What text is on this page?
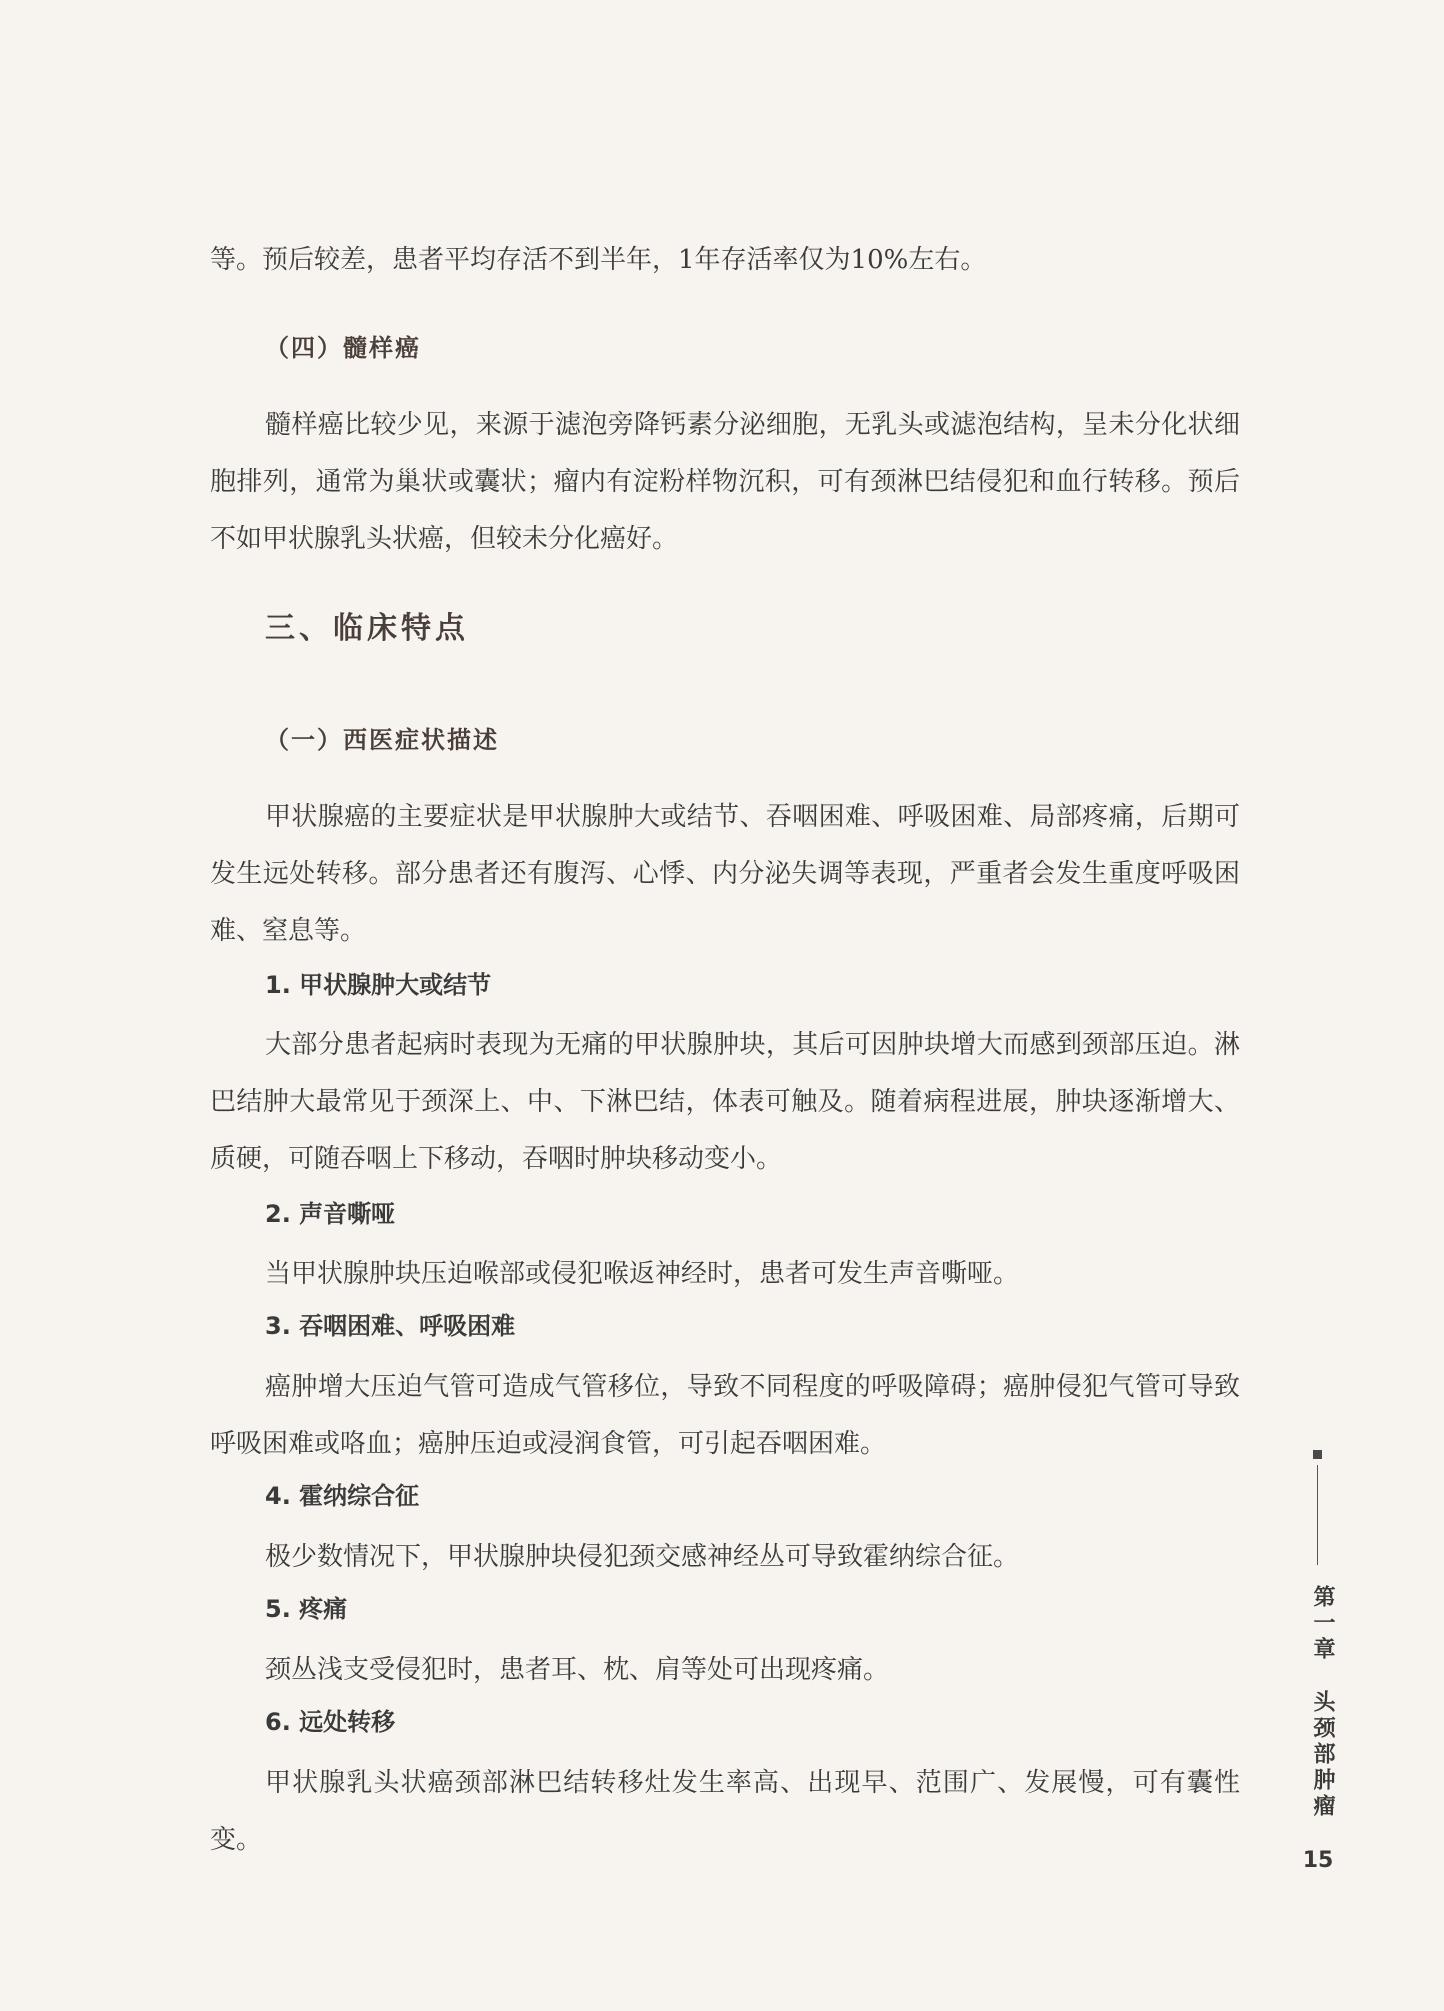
等。预后较差，患者平均存活不到半年，1年存活率仅为10%左右。

（四）髓样癌

髓样癌比较少见，来源于滤泡旁降钙素分泌细胞，无乳头或滤泡结构，呈未分化状细胞排列，通常为巢状或囊状；瘤内有淀粉样物沉积，可有颈淋巴结侵犯和血行转移。预后不如甲状腺乳头状癌，但较未分化癌好。

三、临床特点
（一）西医症状描述

甲状腺癌的主要症状是甲状腺肿大或结节、吞咽困难、呼吸困难、局部疼痛，后期可发生远处转移。部分患者还有腹泻、心悸、内分泌失调等表现，严重者会发生重度呼吸困难、窒息等。

1. 甲状腺肿大或结节

大部分患者起病时表现为无痛的甲状腺肿块，其后可因肿块增大而感到颈部压迫。淋巴结肿大最常见于颈深上、中、下淋巴结，体表可触及。随着病程进展，肿块逐渐增大、质硬，可随吞咽上下移动，吞咽时肿块移动变小。

2. 声音嘶哑

当甲状腺肿块压迫喉部或侵犯喉返神经时，患者可发生声音嘶哑。

3. 吞咽困难、呼吸困难

癌肿增大压迫气管可造成气管移位，导致不同程度的呼吸障碍；癌肿侵犯气管可导致呼吸困难或咯血；癌肿压迫或浸润食管，可引起吞咽困难。

4. 霍纳综合征

极少数情况下，甲状腺肿块侵犯颈交感神经丛可导致霍纳综合征。

5. 疼痛

颈丛浅支受侵犯时，患者耳、枕、肩等处可出现疼痛。

6. 远处转移

甲状腺乳头状癌颈部淋巴结转移灶发生率高、出现早、范围广、发展慢，可有囊性变。

第一章
头颈部肿瘤
15
